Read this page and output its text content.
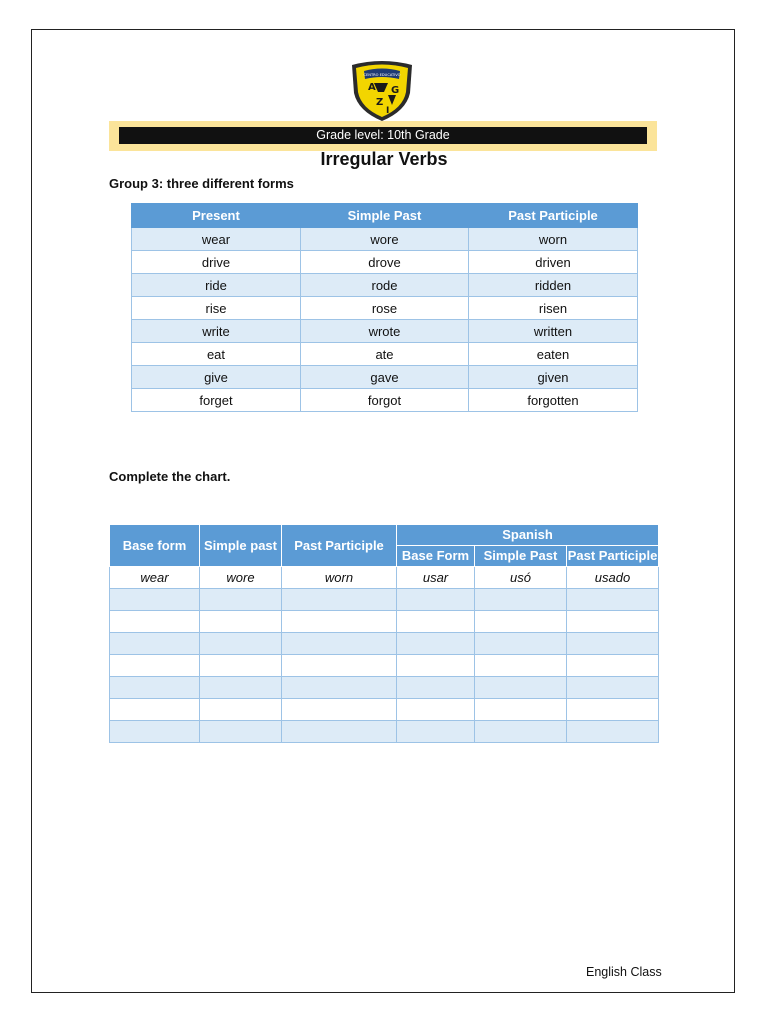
CENTRO EDUCATIVO
A G
Z
I
Grade level: 10th Grade
Irregular Verbs
Group 3: three different forms
Present	Simple Past	Past Participle
wear	wore	worn
drive	drove	driven
ride	rode	ridden
rise	rose	risen
write	wrote	written
eat	ate	eaten
give	gave	given
forget	forgot	forgotten
Complete the chart.
Base form	Simple past	Past Participle	Spanish		
			Base Form	Simple Past	Past Participle
wear	wore	worn	usar	usó	usado

English Class
